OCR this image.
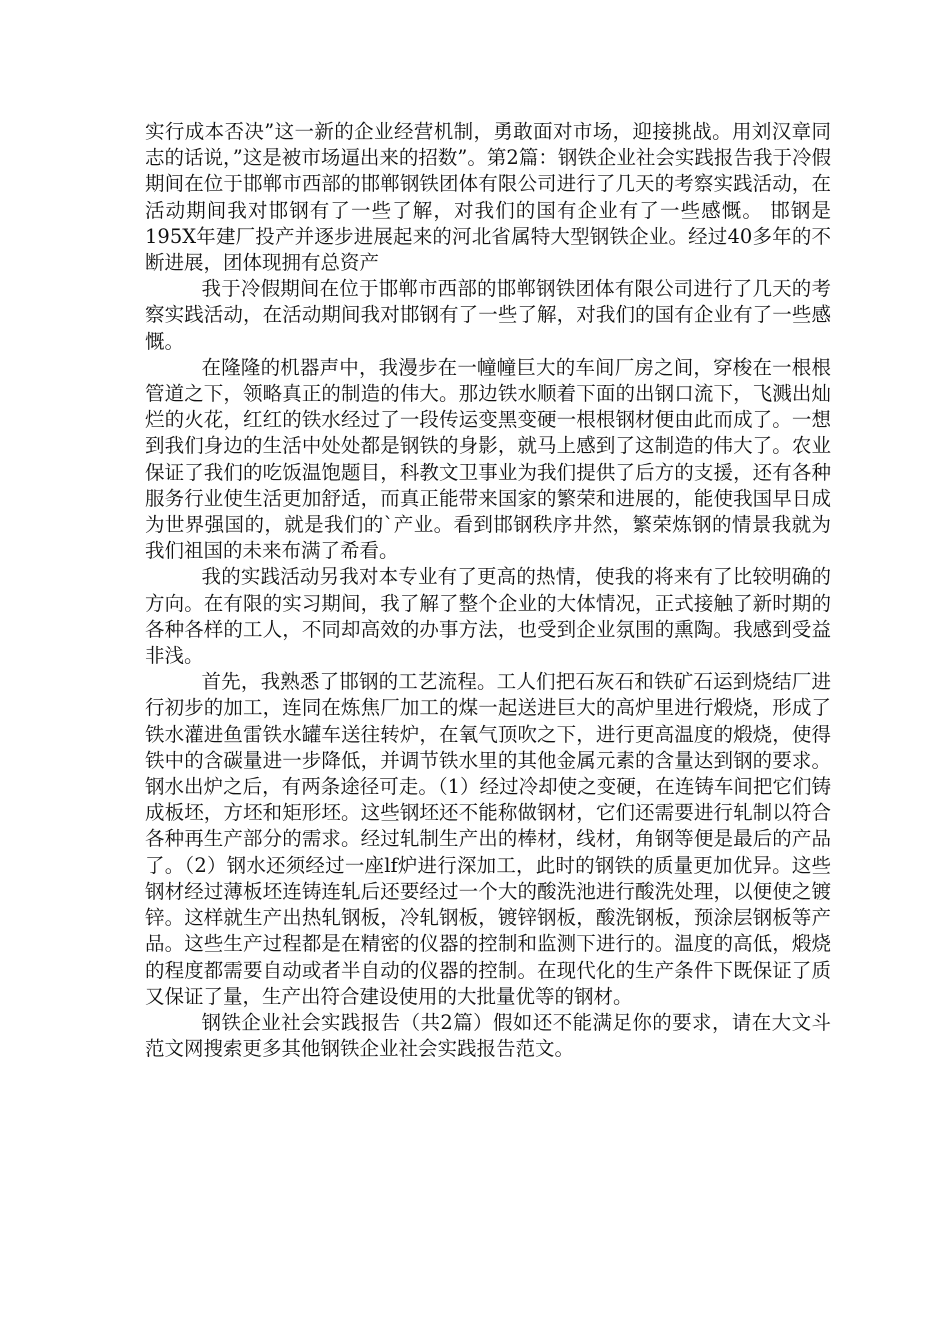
实行成本否决”这一新的企业经营机制，勇敢面对市场，迎接挑战。用刘汉章同志的话说，”这是被市场逼出来的招数”。第2篇：钢铁企业社会实践报告我于冷假期间在位于邯郸市西部的邯郸钢铁团体有限公司进行了几天的考察实践活动，在活动期间我对邯钢有了一些了解，对我们的国有企业有了一些感慨。 邯钢是195X年建厂投产并逐步进展起来的河北省属特大型钢铁企业。经过40多年的不断进展，团体现拥有总资产

我于冷假期间在位于邯郸市西部的邯郸钢铁团体有限公司进行了几天的考察实践活动，在活动期间我对邯钢有了一些了解，对我们的国有企业有了一些感慨。

在隆隆的机器声中，我漫步在一幢幢巨大的车间厂房之间，穿梭在一根根管道之下，领略真正的制造的伟大。那边铁水顺着下面的出钢口流下，飞溅出灿烂的火花，红红的铁水经过了一段传运变黑变硬一根根钢材便由此而成了。一想到我们身边的生活中处处都是钢铁的身影，就马上感到了这制造的伟大了。农业保证了我们的吃饭温饱题目，科教文卫事业为我们提供了后方的支援，还有各种服务行业使生活更加舒适，而真正能带来国家的繁荣和进展的，能使我国早日成为世界强国的，就是我们的`产业。看到邯钢秩序井然，繁荣炼钢的情景我就为我们祖国的未来布满了希看。

我的实践活动另我对本专业有了更高的热情，使我的将来有了比较明确的方向。在有限的实习期间，我了解了整个企业的大体情况，正式接触了新时期的各种各样的工人，不同却高效的办事方法，也受到企业氛围的熏陶。我感到受益非浅。

首先，我熟悉了邯钢的工艺流程。工人们把石灰石和铁矿石运到烧结厂进行初步的加工，连同在炼焦厂加工的煤一起送进巨大的高炉里进行煅烧，形成了铁水灌进鱼雷铁水罐车送往转炉，在氧气顶吹之下，进行更高温度的煅烧，使得铁中的含碳量进一步降低，并调节铁水里的其他金属元素的含量达到钢的要求。钢水出炉之后，有两条途径可走。（1）经过冷却使之变硬，在连铸车间把它们铸成板坯，方坯和矩形坯。这些钢坯还不能称做钢材，它们还需要进行轧制以符合各种再生产部分的需求。经过轧制生产出的棒材，线材，角钢等便是最后的产品了。（2）钢水还须经过一座lf炉进行深加工，此时的钢铁的质量更加优异。这些钢材经过薄板坯连铸连轧后还要经过一个大的酸洗池进行酸洗处理，以便使之镀锌。这样就生产出热轧钢板，冷轧钢板，镀锌钢板，酸洗钢板，预涂层钢板等产品。这些生产过程都是在精密的仪器的控制和监测下进行的。温度的高低，煅烧的程度都需要自动或者半自动的仪器的控制。在现代化的生产条件下既保证了质又保证了量，生产出符合建设使用的大批量优等的钢材。

钢铁企业社会实践报告（共2篇）假如还不能满足你的要求，请在大文斗范文网搜索更多其他钢铁企业社会实践报告范文。
